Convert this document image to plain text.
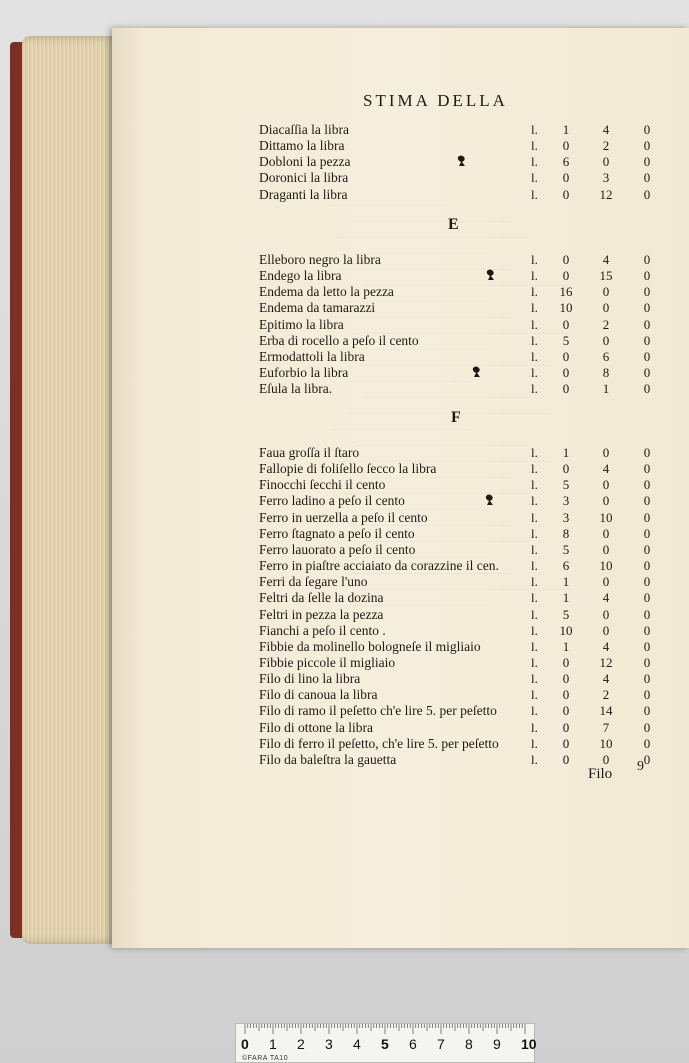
STIMA DELLA
Diacaſſia la libra	l. 1	4	0
Dittamo la libra	l. 0	2	0
Dobloni la pezza	l. 6	0	0
Doronici la libra	l. 0	3	0
Draganti la libra	l. 0 12 0
E
Elleboro negro la libra	l. 0	4	0
Endego la libra	l. 0 15 0
Endema da letto la pezza	l. 16	0	0
Endema da tamarazzi	l. 10	0	0
Epitimo la libra	l. 0	2	0
Erba di rocello a peſo il cento	l. 5	0	0
Ermodattoli la libra	l. 0	6	0
Euforbio la libra	l. 0	8	0
Eſula la libra.	l. 0	1	0
F
Faua groſſa il ſtaro	l. 1	0	0
Fallopie di foliſello ſecco la libra	l. 0	4	0
Finocchi ſecchi il cento	l. 5	0	0
Ferro ladino a peſo il cento	l. 3	0	0
Ferro in uerzella a peſo il cento	l. 3 10 0
Ferro ſtagnato a peſo il cento	l. 8	0	0
Ferro lauorato a peſo il cento	l. 5	0	0
Ferro in piaſtre acciaiato da corazzine il cen. l. 6 10 0
Ferri da ſegare l'uno	l. 1	0	0
Feltri da ſelle la dozina	l. 1	4	0
Feltri in pezza la pezza	l. 5	0	0
Fianchi a peſo il cento .	l. 10	0	0
Fibbie da molinello bologneſe il migliaio	l. 1	4	0
Fibbie piccole il migliaio	l. 0 12 0
Filo di lino la libra	l. 0	4	0
Filo di canoua la libra	l. 0	2	0
Filo di ramo il peſetto ch'e lire 5. per peſetto	l. 0 14 0
Filo di ottone la libra	l. 0	7	0
Filo di ferro il peſetto, ch'e lire 5. per peſetto l. 0 10 0
Filo da baleſtra la gauetta	l. 0	0	0
Filo 9
0 1 2 3 4 5 6 7 8 9 10
©FARA TA10
